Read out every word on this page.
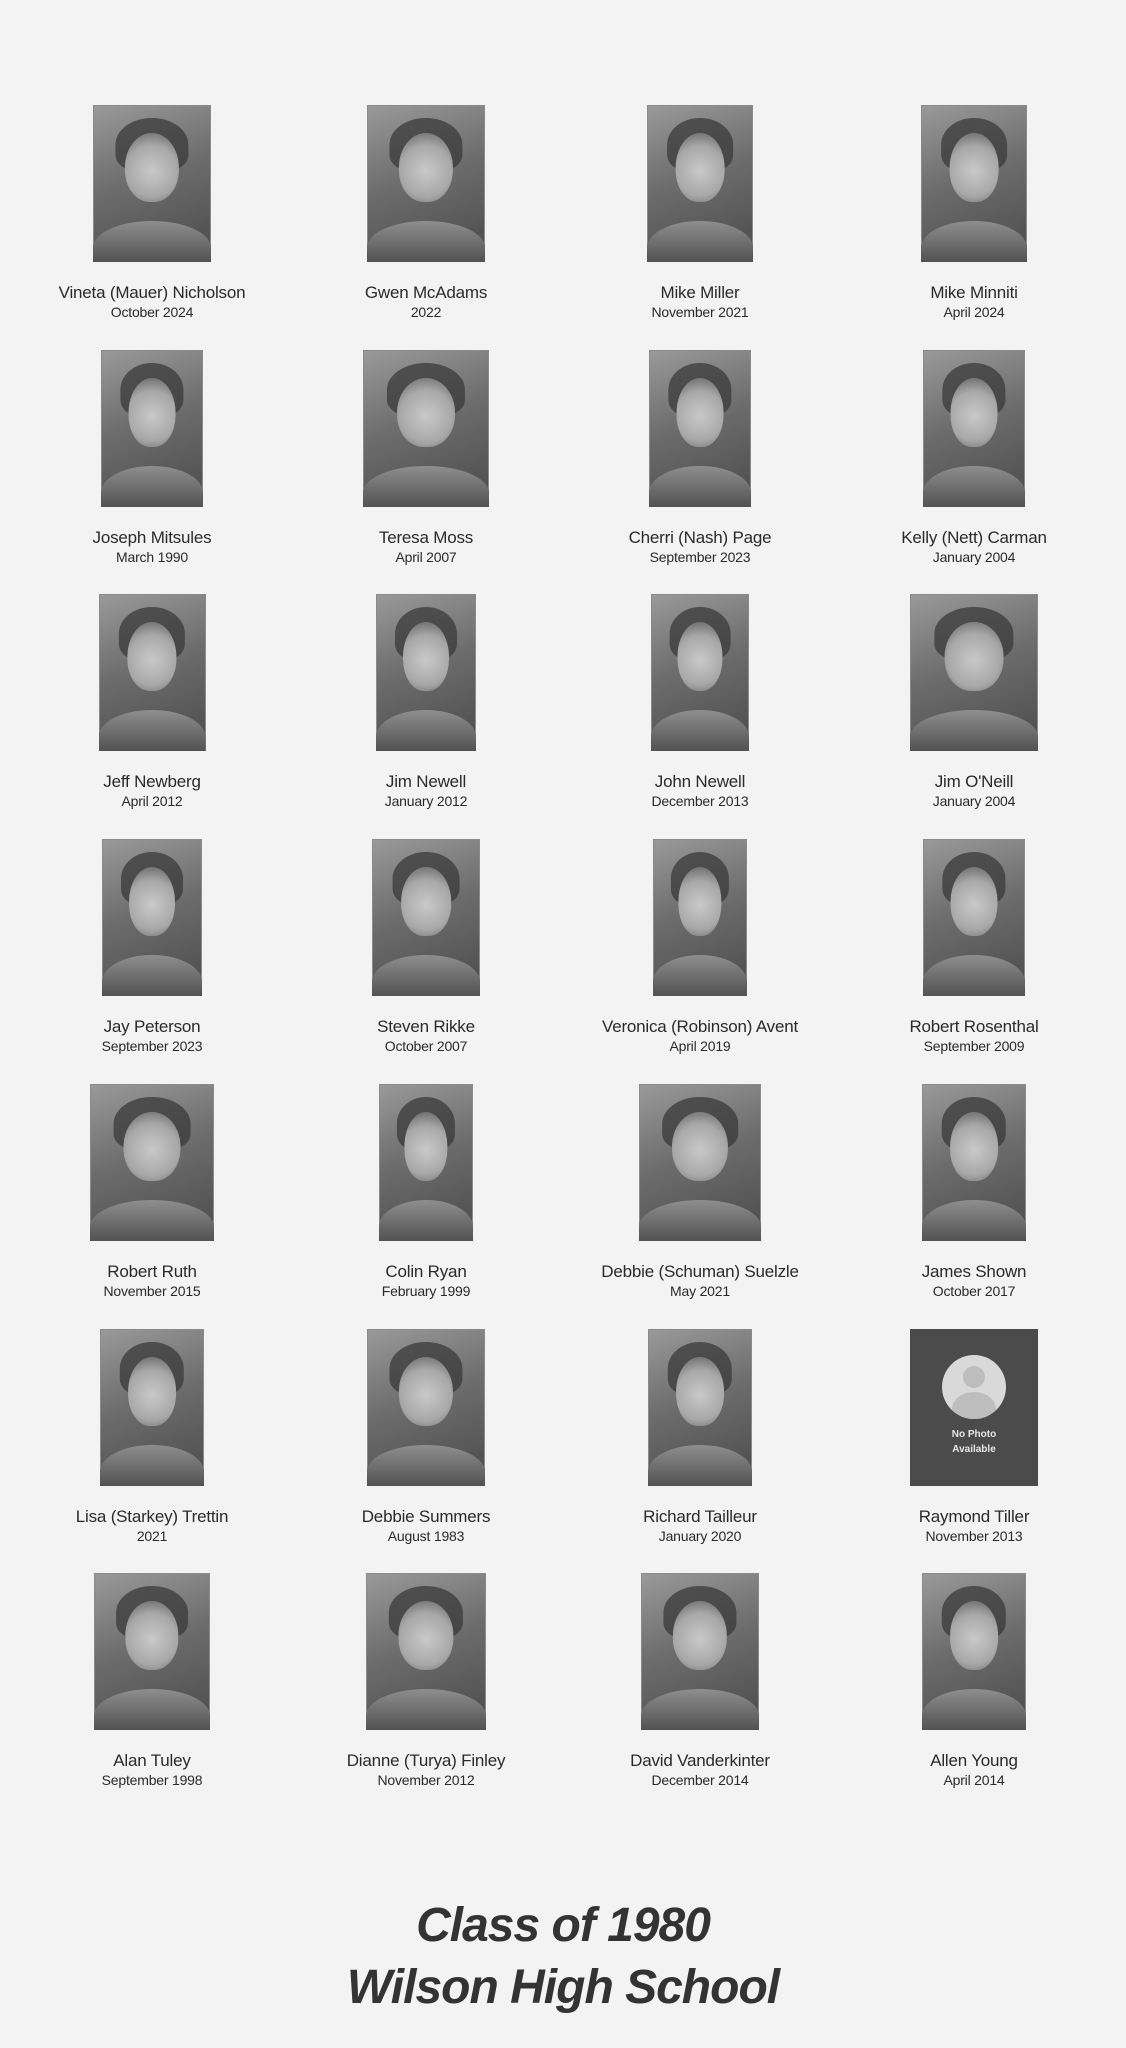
Vineta (Mauer) Nicholson
October 2024
Gwen McAdams
2022
Mike Miller
November 2021
Mike Minniti
April 2024
Joseph Mitsules
March 1990
Teresa Moss
April 2007
Cherri (Nash) Page
September 2023
Kelly (Nett) Carman
January 2004
Jeff Newberg
April 2012
Jim Newell
January 2012
John Newell
December 2013
Jim O'Neill
January 2004
Jay Peterson
September 2023
Steven Rikke
October 2007
Veronica (Robinson) Avent
April 2019
Robert Rosenthal
September 2009
Robert Ruth
November 2015
Colin Ryan
February 1999
Debbie (Schuman) Suelzle
May 2021
James Shown
October 2017
Lisa (Starkey) Trettin
2021
Debbie Summers
August 1983
Richard Tailleur
January 2020
No Photo
Available
Raymond Tiller
November 2013
Alan Tuley
September 1998
Dianne (Turya) Finley
November 2012
David Vanderkinter
December 2014
Allen Young
April 2014
Class of 1980
Wilson High School
